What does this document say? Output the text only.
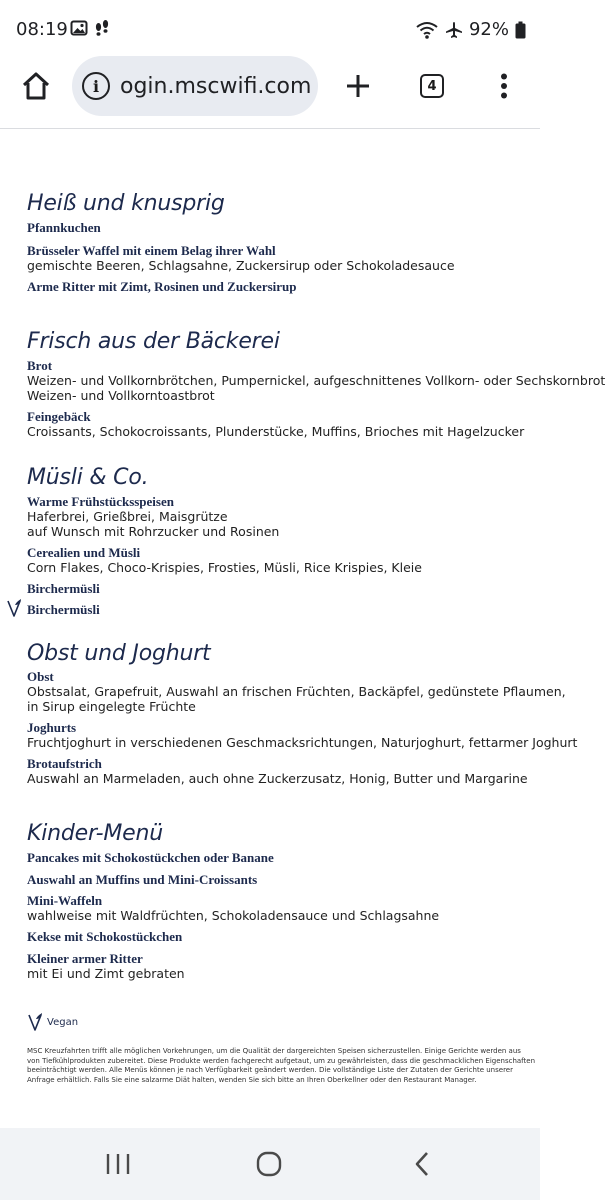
08:19	92%
i ogin.mscwifi.com	4
Heiß und knusprig
Pfannkuchen
Brüsseler Waffel mit einem Belag ihrer Wahl
gemischte Beeren, Schlagsahne, Zuckersirup oder Schokoladesauce
Arme Ritter mit Zimt, Rosinen und Zuckersirup
Frisch aus der Bäckerei
Brot
Weizen- und Vollkornbrötchen, Pumpernickel, aufgeschnittenes Vollkorn- oder Sechskornbrot
Weizen- und Vollkorntoastbrot
Feingebäck
Croissants, Schokocroissants, Plunderstücke, Muffins, Brioches mit Hagelzucker
Müsli & Co.
Warme Frühstücksspeisen
Haferbrei, Grießbrei, Maisgrütze
auf Wunsch mit Rohrzucker und Rosinen
Cerealien und Müsli
Corn Flakes, Choco-Krispies, Frosties, Müsli, Rice Krispies, Kleie
Birchermüsli
Birchermüsli
Obst und Joghurt
Obst
Obstsalat, Grapefruit, Auswahl an frischen Früchten, Backäpfel, gedünstete Pflaumen,
in Sirup eingelegte Früchte
Joghurts
Fruchtjoghurt in verschiedenen Geschmacksrichtungen, Naturjoghurt, fettarmer Joghurt
Brotaufstrich
Auswahl an Marmeladen, auch ohne Zuckerzusatz, Honig, Butter und Margarine
Kinder-Menü
Pancakes mit Schokostückchen oder Banane
Auswahl an Muffins und Mini-Croissants
Mini-Waffeln
wahlweise mit Waldfrüchten, Schokoladensauce und Schlagsahne
Kekse mit Schokostückchen
Kleiner armer Ritter
mit Ei und Zimt gebraten
Vegan
MSC Kreuzfahrten trifft alle möglichen Vorkehrungen, um die Qualität der dargereichten Speisen sicherzustellen. Einige Gerichte werden aus
von Tiefkühlprodukten zubereitet. Diese Produkte werden fachgerecht aufgetaut, um zu gewährleisten, dass die geschmacklichen Eigenschaften
beeinträchtigt werden. Alle Menüs können je nach Verfügbarkeit geändert werden. Die vollständige Liste der Zutaten der Gerichte unserer
Anfrage erhältlich. Falls Sie eine salzarme Diät halten, wenden Sie sich bitte an Ihren Oberkellner oder den Restaurant Manager.
